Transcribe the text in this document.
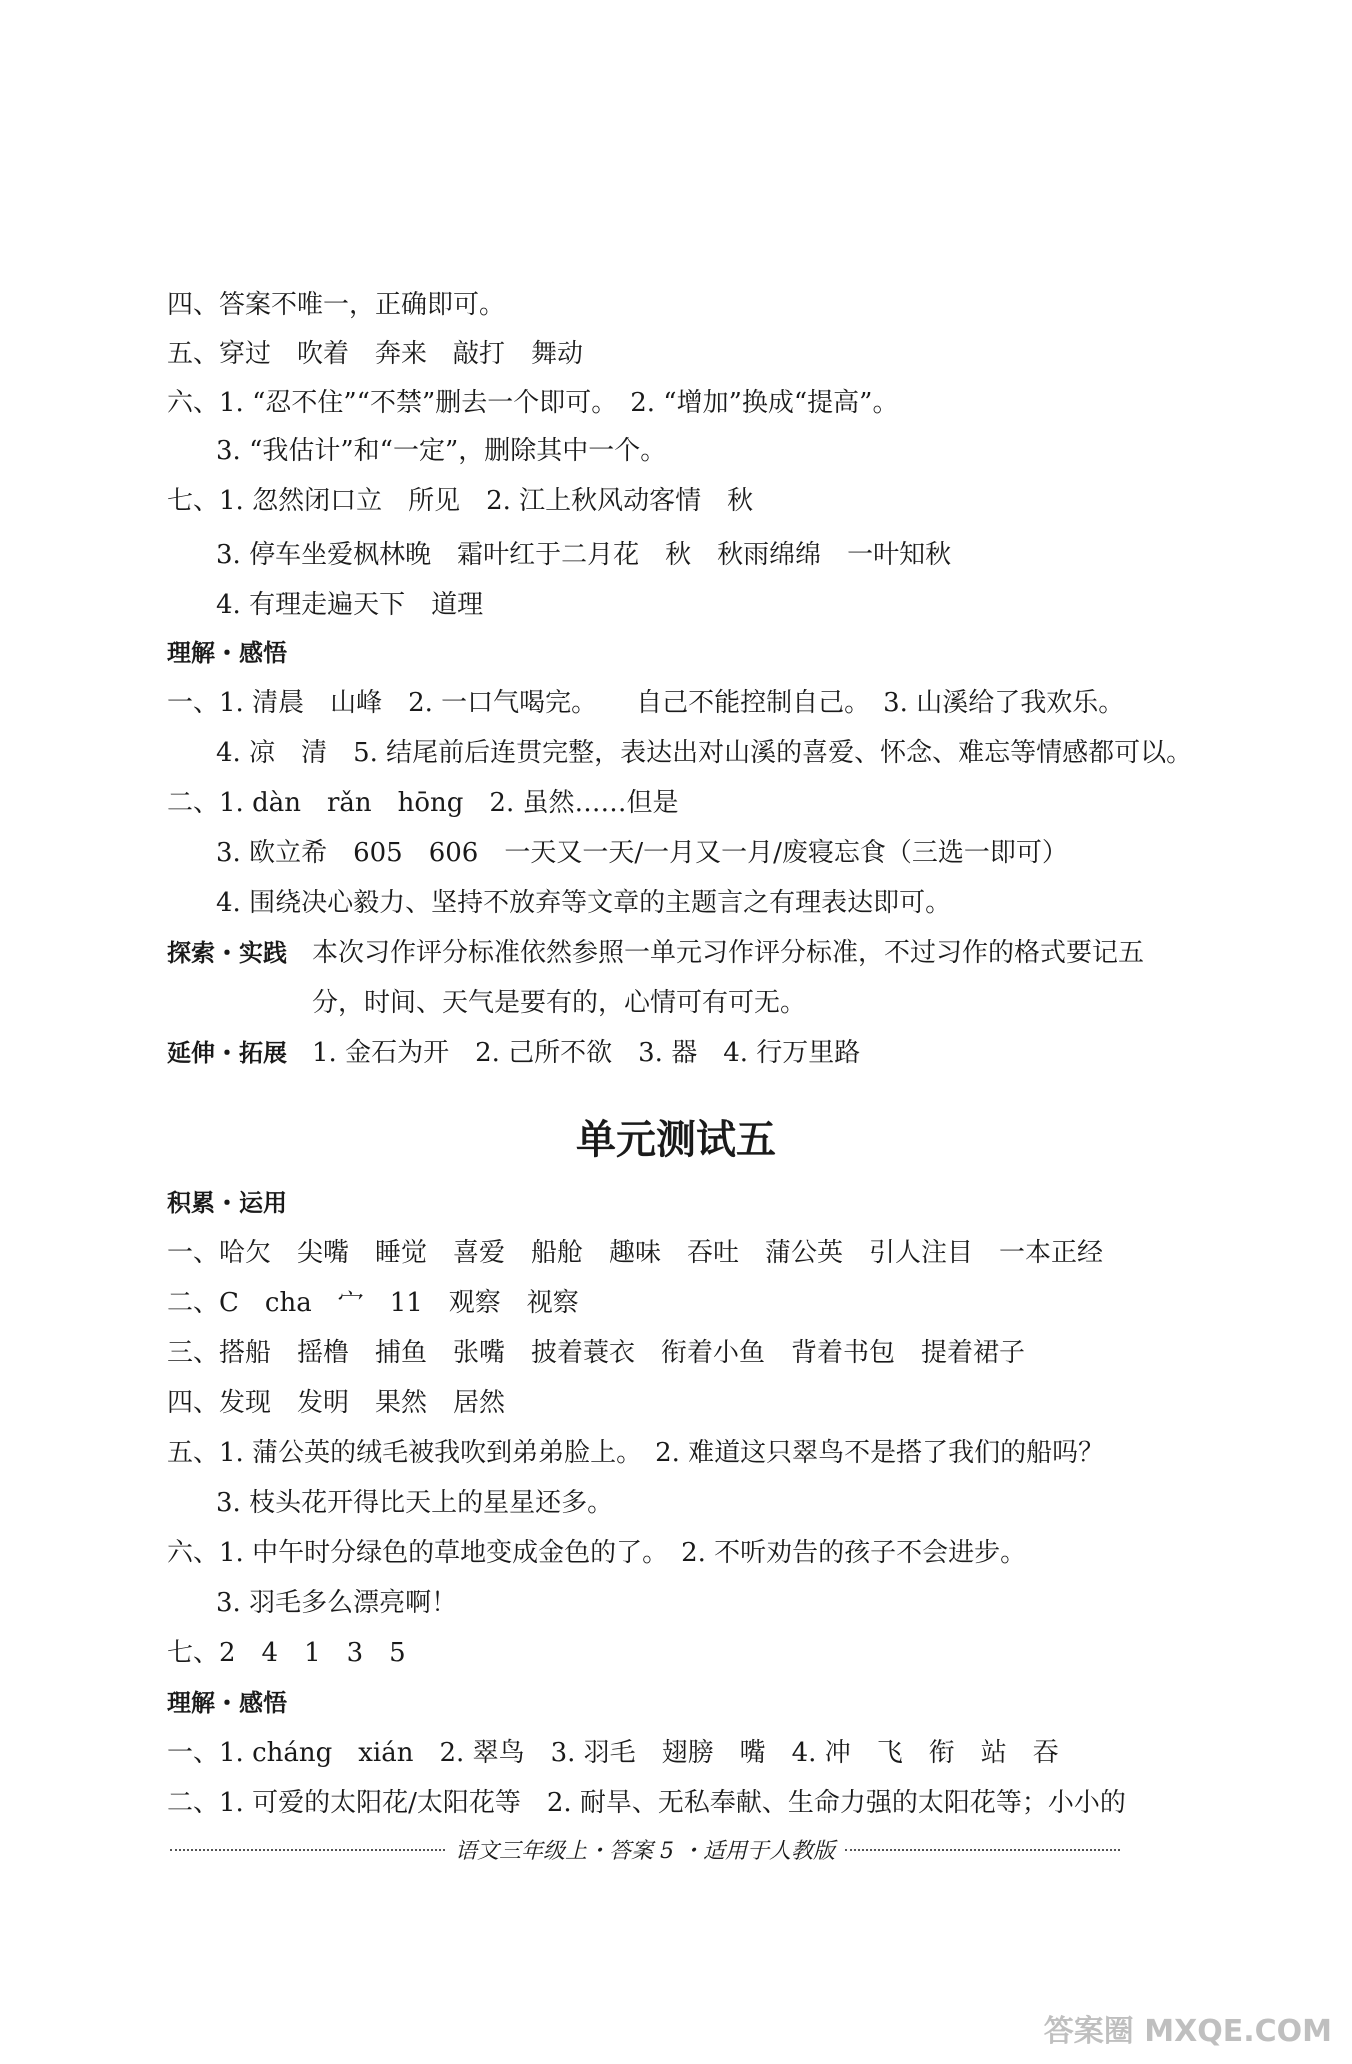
四、答案不唯一，正确即可。
五、穿过　吹着　奔来　敲打　舞动
六、1. “忍不住”“不禁”删去一个即可。　2. “增加”换成“提高”。
3. “我估计”和“一定”，删除其中一个。
七、1. 忽然闭口立　所见　2. 江上秋风动客情　秋
3. 停车坐爱枫林晚　霜叶红于二月花　秋　秋雨绵绵　一叶知秋
4. 有理走遍天下　道理
理解・感悟
一、1. 清晨　山峰　2. 一口气喝完。　　自己不能控制自己。　3. 山溪给了我欢乐。
4. 凉　清　5. 结尾前后连贯完整，表达出对山溪的喜爱、怀念、难忘等情感都可以。
二、1. dàn　rǎn　hōng　2. 虽然……但是
3. 欧立希　605　606　一天又一天/一月又一月/废寝忘食（三选一即可）
4. 围绕决心毅力、坚持不放弃等文章的主题言之有理表达即可。
探索・实践 本次习作评分标准依然参照一单元习作评分标准，不过习作的格式要记五
分，时间、天气是要有的，心情可有可无。
延伸・拓展 1. 金石为开　2. 己所不欲　3. 器　4. 行万里路
单元测试五
积累・运用
一、哈欠　尖嘴　睡觉　喜爱　船舱　趣味　吞吐　蒲公英　引人注目　一本正经
二、C　cha　宀　11　观察　视察
三、搭船　摇橹　捕鱼　张嘴　披着蓑衣　衔着小鱼　背着书包　提着裙子
四、发现　发明　果然　居然
五、1. 蒲公英的绒毛被我吹到弟弟脸上。　2. 难道这只翠鸟不是搭了我们的船吗？
3. 枝头花开得比天上的星星还多。
六、1. 中午时分绿色的草地变成金色的了。　2. 不听劝告的孩子不会进步。
3. 羽毛多么漂亮啊！
七、2　4　1　3　5
理解・感悟
一、1. cháng　xián　2. 翠鸟　3. 羽毛　翅膀　嘴　4. 冲　飞　衔　站　吞
二、1. 可爱的太阳花/太阳花等　2. 耐旱、无私奉献、生命力强的太阳花等；小小的
语文三年级上・答案 5 ・适用于人教版
答案圈 MXQE.COM
